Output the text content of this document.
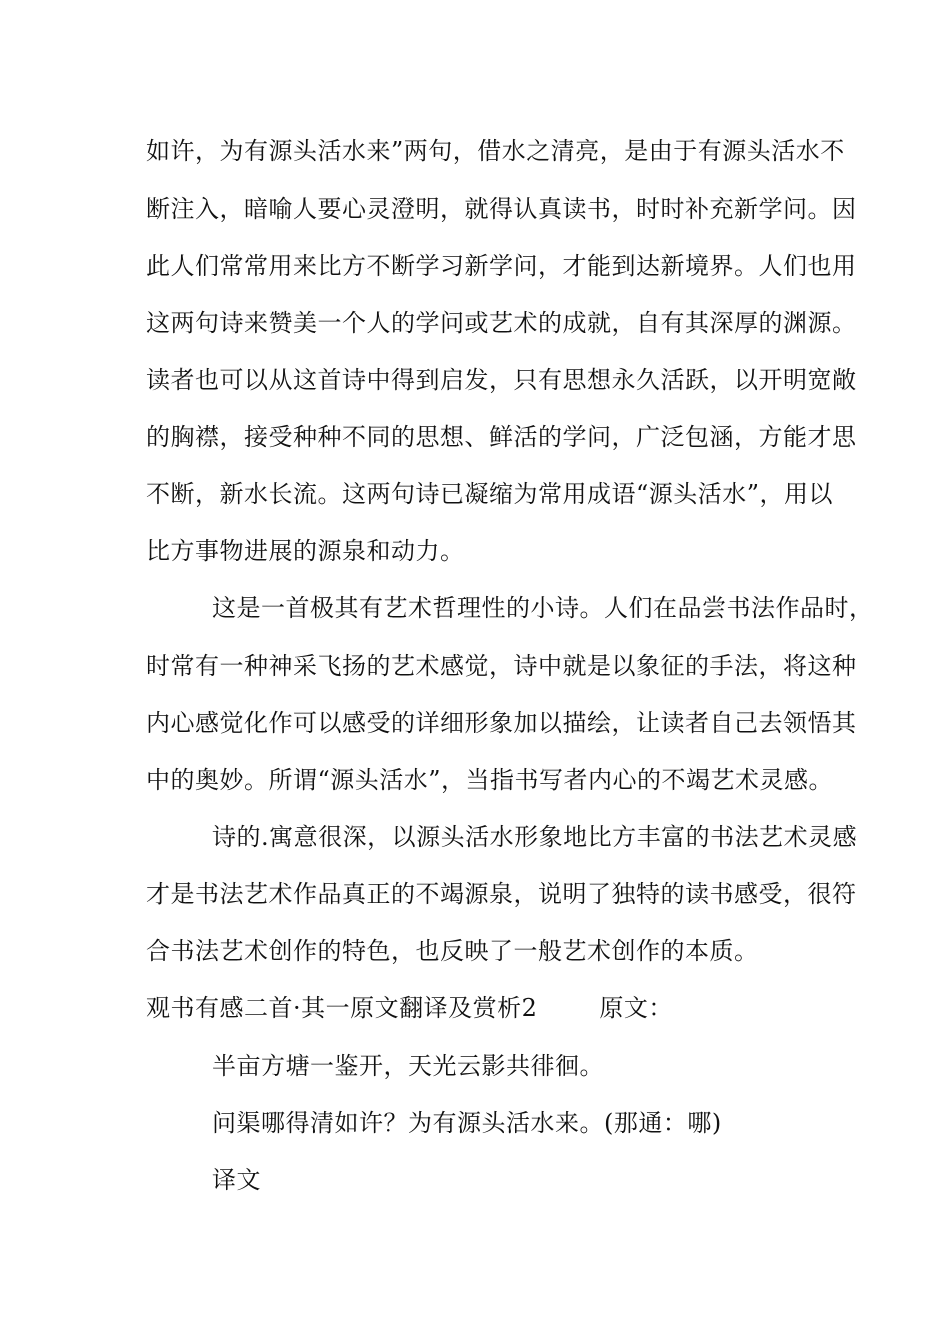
如许，为有源头活水来”两句，借水之清亮，是由于有源头活水不
断注入，暗喻人要心灵澄明，就得认真读书，时时补充新学问。因
此人们常常用来比方不断学习新学问，才能到达新境界。人们也用
这两句诗来赞美一个人的学问或艺术的成就，自有其深厚的渊源。
读者也可以从这首诗中得到启发，只有思想永久活跃，以开明宽敞
的胸襟，接受种种不同的思想、鲜活的学问，广泛包涵，方能才思
不断，新水长流。这两句诗已凝缩为常用成语“源头活水”，用以
比方事物进展的源泉和动力。
这是一首极其有艺术哲理性的小诗。人们在品尝书法作品时，
时常有一种神采飞扬的艺术感觉，诗中就是以象征的手法，将这种
内心感觉化作可以感受的详细形象加以描绘，让读者自己去领悟其
中的奥妙。所谓“源头活水”，当指书写者内心的不竭艺术灵感。
诗的.寓意很深，以源头活水形象地比方丰富的书法艺术灵感
才是书法艺术作品真正的不竭源泉，说明了独特的读书感受，很符
合书法艺术创作的特色，也反映了一般艺术创作的本质。
观书有感二首·其一原文翻译及赏析2	原文：
半亩方塘一鉴开，天光云影共徘徊。
问渠哪得清如许？为有源头活水来。(那通：哪)
译文
